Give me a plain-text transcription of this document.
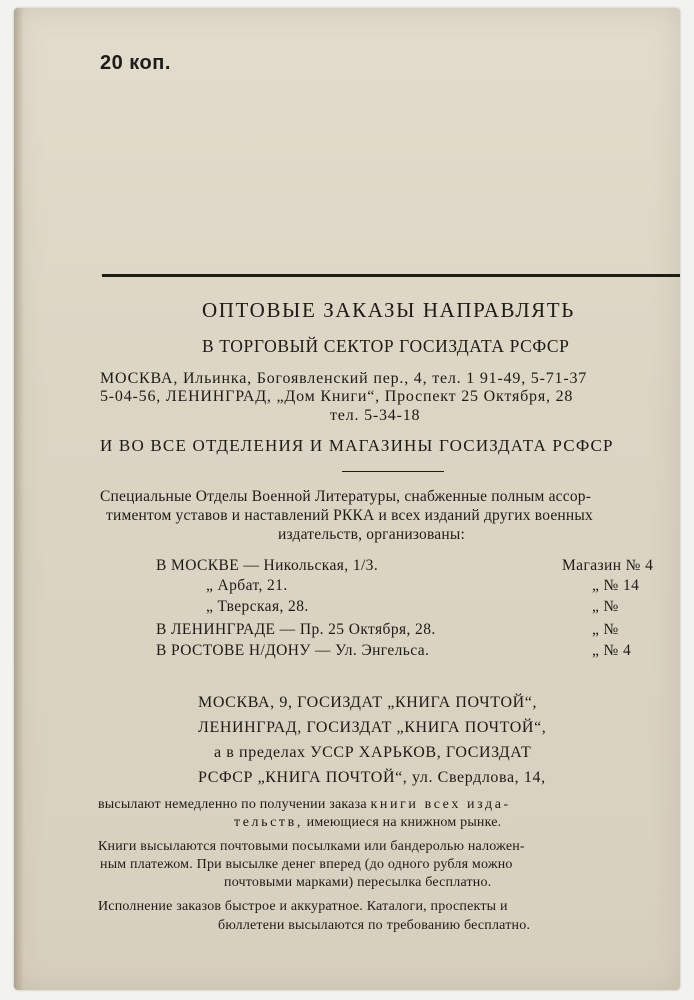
20 коп.
ОПТОВЫЕ ЗАКАЗЫ НАПРАВЛЯТЬ
В ТОРГОВЫЙ СЕКТОР ГОСИЗДАТА РСФСР
МОСКВА, Ильинка, Богоявленский пер., 4, тел. 1 91-49, 5-71-37
5-04-56, ЛЕНИНГРАД, „Дом Книги“, Проспект 25 Октября, 28
тел. 5-34-18
И ВО ВСЕ ОТДЕЛЕНИЯ И МАГАЗИНЫ ГОСИЗДАТА РСФСР
Специальные Отделы Военной Литературы, снабженные полным ассор-
тиментом уставов и наставлений РККА и всех изданий других военных
издательств, организованы:
В МОСКВЕ — Никольская, 1/3.	Магазин № 4
„ Арбат, 21.	„ № 14
„ Тверская, 28.	„ №
В ЛЕНИНГРАДЕ — Пр. 25 Октября, 28.	„ №
В РОСТОВЕ Н/ДОНУ — Ул. Энгельса.	„ № 4
МОСКВА, 9, ГОСИЗДАТ „КНИГА ПОЧТОЙ“,
ЛЕНИНГРАД, ГОСИЗДАТ „КНИГА ПОЧТОЙ“,
а в пределах УССР ХАРЬКОВ, ГОСИЗДАТ
РСФСР „КНИГА ПОЧТОЙ“, ул. Свердлова, 14,
высылают немедленно по получении заказа книги всех изда-
тельств, имеющиеся на книжном рынке.
Книги высылаются почтовыми посылками или бандеролью наложен-
ным платежом. При высылке денег вперед (до одного рубля можно
почтовыми марками) пересылка бесплатно.
Исполнение заказов быстрое и аккуратное. Каталоги, проспекты и
бюллетени высылаются по требованию бесплатно.
